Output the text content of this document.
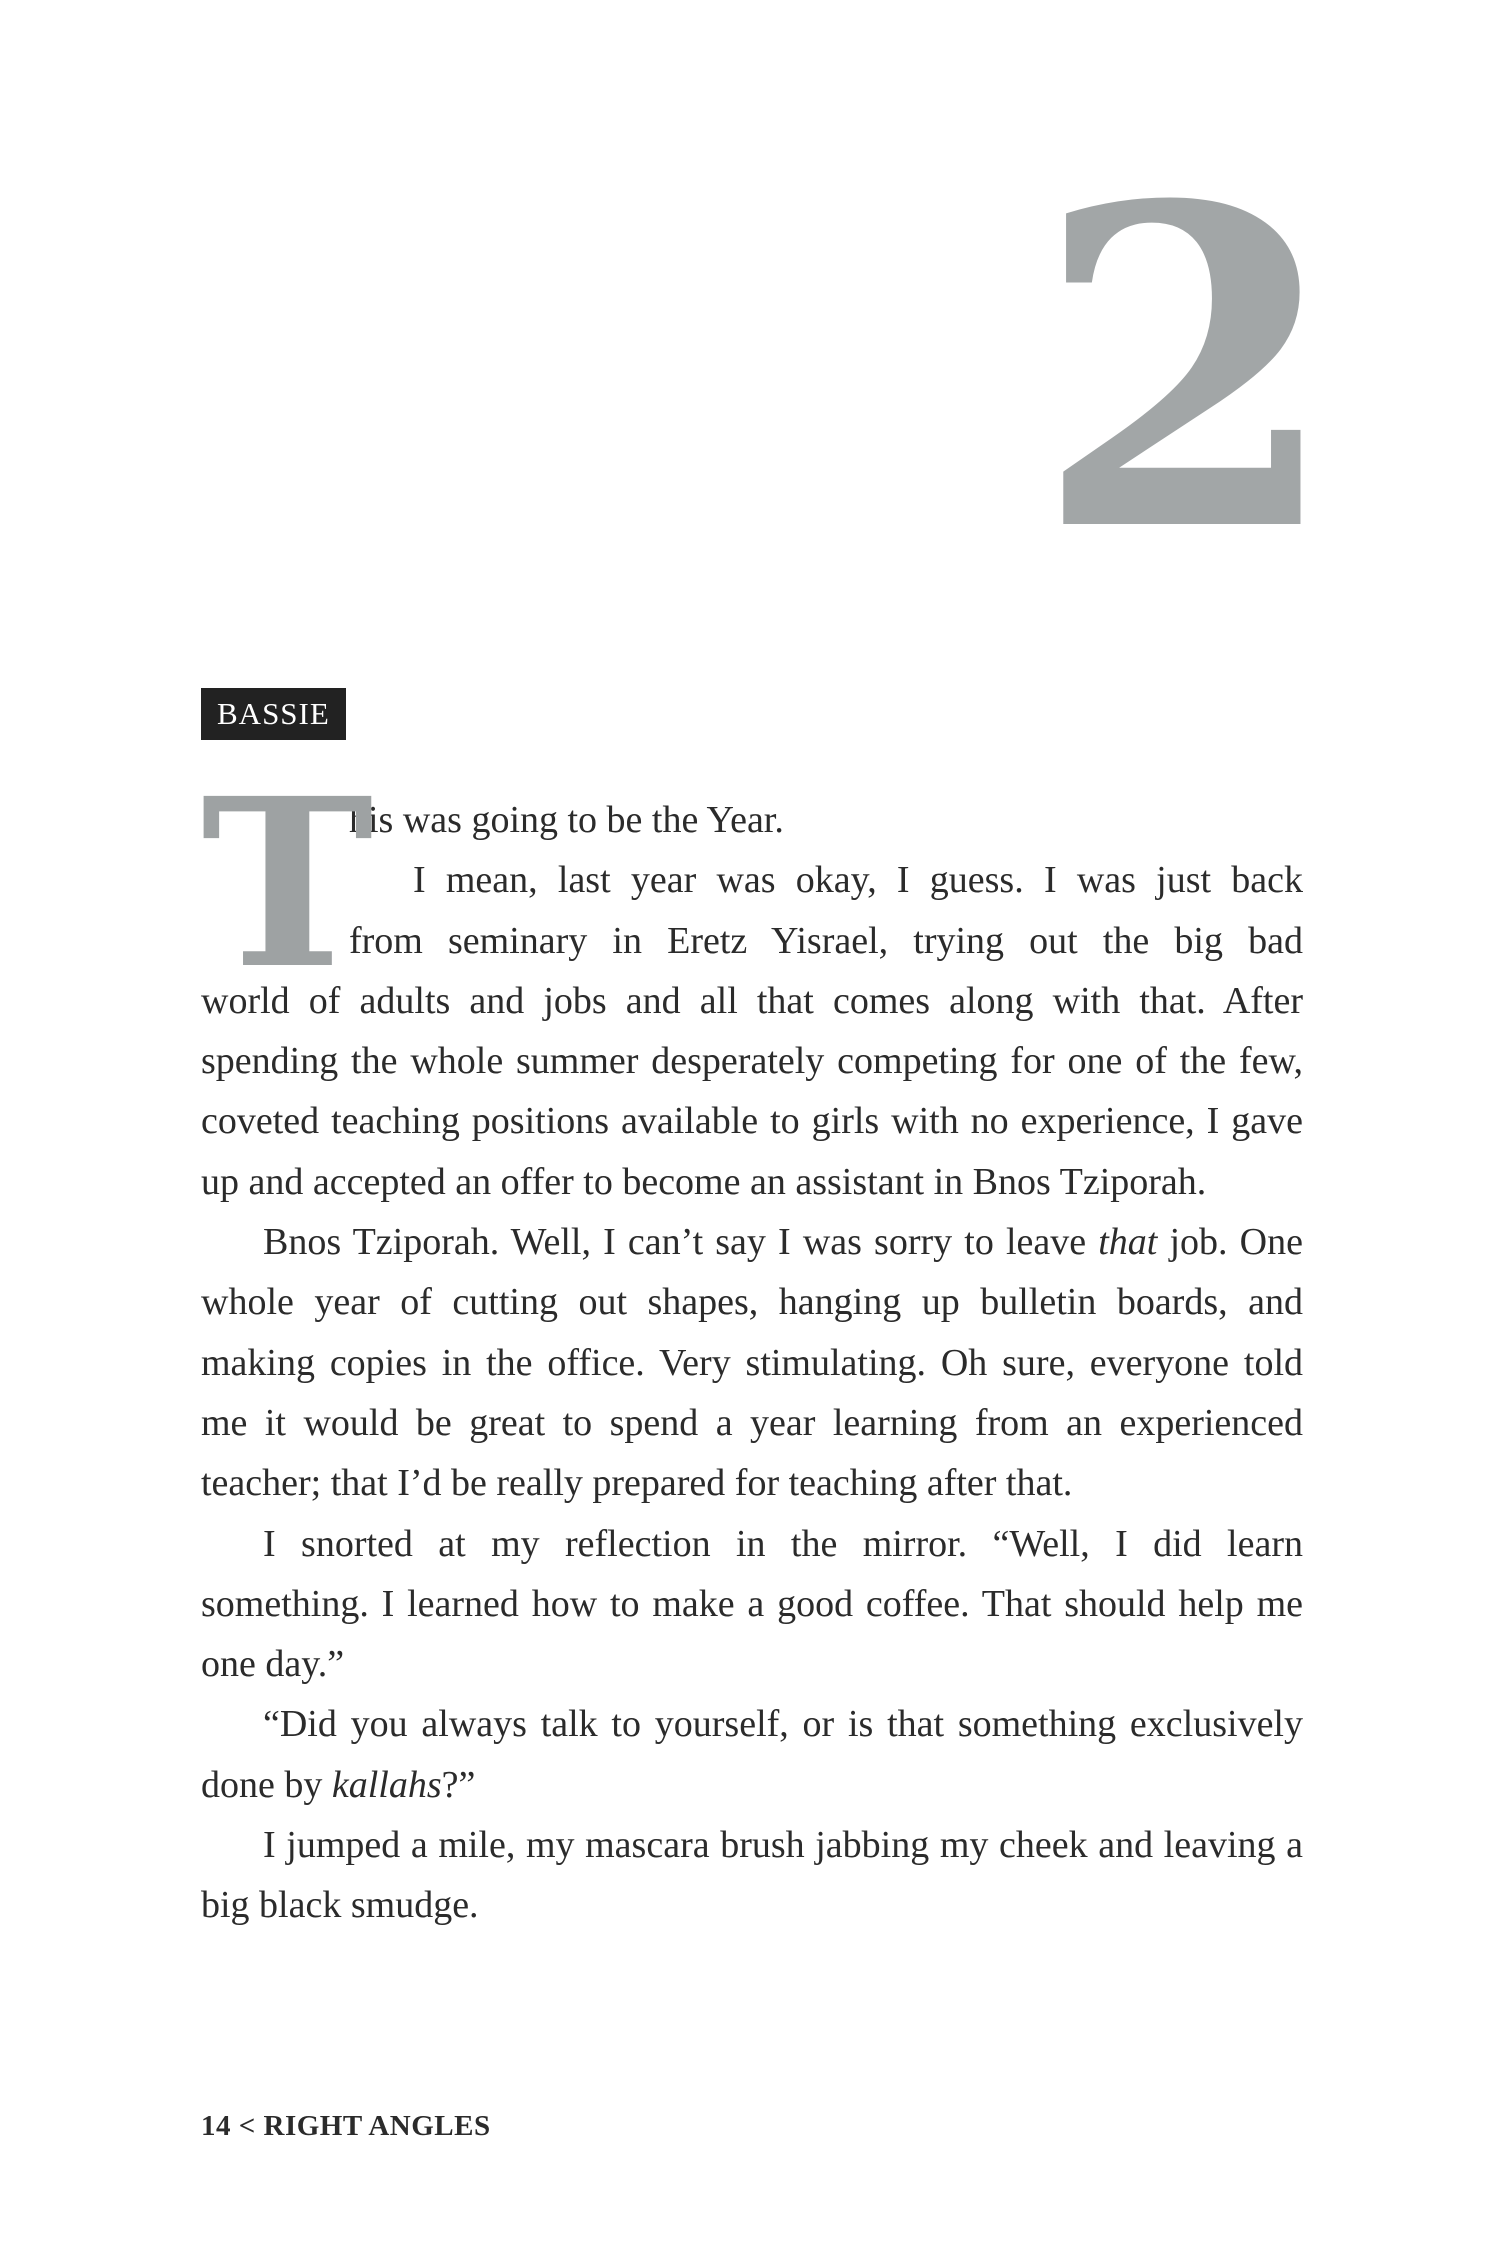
2
BASSIE
T
his was going to be the Year.
I mean, last year was okay, I guess. I was just back
from seminary in Eretz Yisrael, trying out the big bad

world of adults and jobs and all that comes along with that. After spending the whole summer desperately competing for one of the few, coveted teaching positions available to girls with no experience, I gave up and accepted an offer to become an assistant in Bnos Tziporah.

Bnos Tziporah. Well, I can’t say I was sorry to leave that job. One whole year of cutting out shapes, hanging up bulletin boards, and making copies in the office. Very stimulating. Oh sure, everyone told me it would be great to spend a year learning from an experienced teacher; that I’d be really prepared for teaching after that.

I snorted at my reflection in the mirror. “Well, I did learn something. I learned how to make a good coffee. That should help me one day.”

“Did you always talk to yourself, or is that something exclusively done by kallahs?”

I jumped a mile, my mascara brush jabbing my cheek and leaving a big black smudge.

14 < RIGHT ANGLES
